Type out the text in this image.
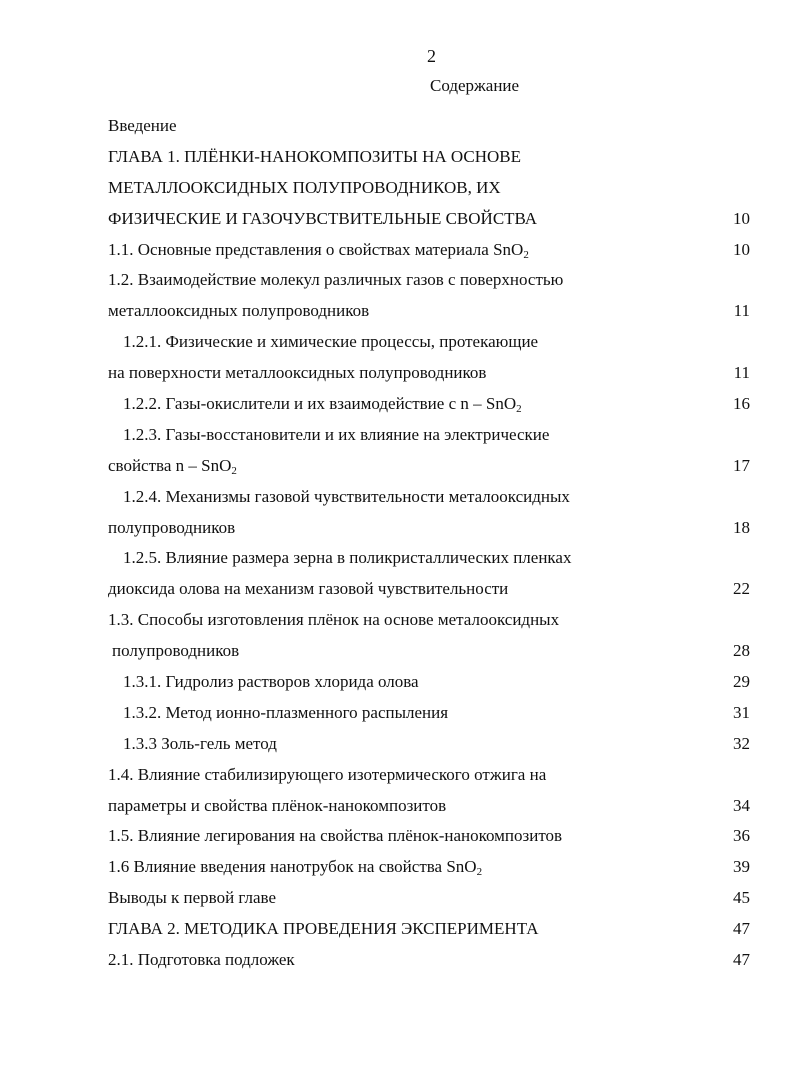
2
Содержание
Введение
ГЛАВА 1. ПЛЁНКИ-НАНОКОМПОЗИТЫ НА ОСНОВЕ
МЕТАЛЛООКСИДНЫХ ПОЛУПРОВОДНИКОВ, ИХ
ФИЗИЧЕСКИЕ И ГАЗОЧУВСТВИТЕЛЬНЫЕ СВОЙСТВА	10
1.1. Основные представления о свойствах материала SnO$_2$	10
1.2. Взаимодействие молекул различных газов с поверхностью
металлооксидных полупроводников	11
1.2.1. Физические и химические процессы, протекающие
на поверхности металлооксидных полупроводников	11
1.2.2. Газы-окислители и их взаимодействие с n – SnO$_2$	16
1.2.3. Газы-восстановители и их влияние на электрические
свойства n – SnO$_2$	17
1.2.4. Механизмы газовой чувствительности металооксидных
полупроводников	18
1.2.5. Влияние размера зерна в поликристаллических пленках
диоксида олова на механизм газовой чувствительности	22
1.3. Способы изготовления плёнок на основе металооксидных
полупроводников	28
1.3.1. Гидролиз растворов хлорида олова	29
1.3.2. Метод ионно-плазменного распыления	31
1.3.3 Золь-гель метод	32
1.4. Влияние стабилизирующего изотермического отжига на
параметры и свойства плёнок-нанокомпозитов	34
1.5. Влияние легирования на свойства плёнок-нанокомпозитов	36
1.6 Влияние введения нанотрубок на свойства SnO$_2$	39
Выводы к первой главе	45
ГЛАВА 2. МЕТОДИКА ПРОВЕДЕНИЯ ЭКСПЕРИМЕНТА	47
2.1. Подготовка подложек	47
